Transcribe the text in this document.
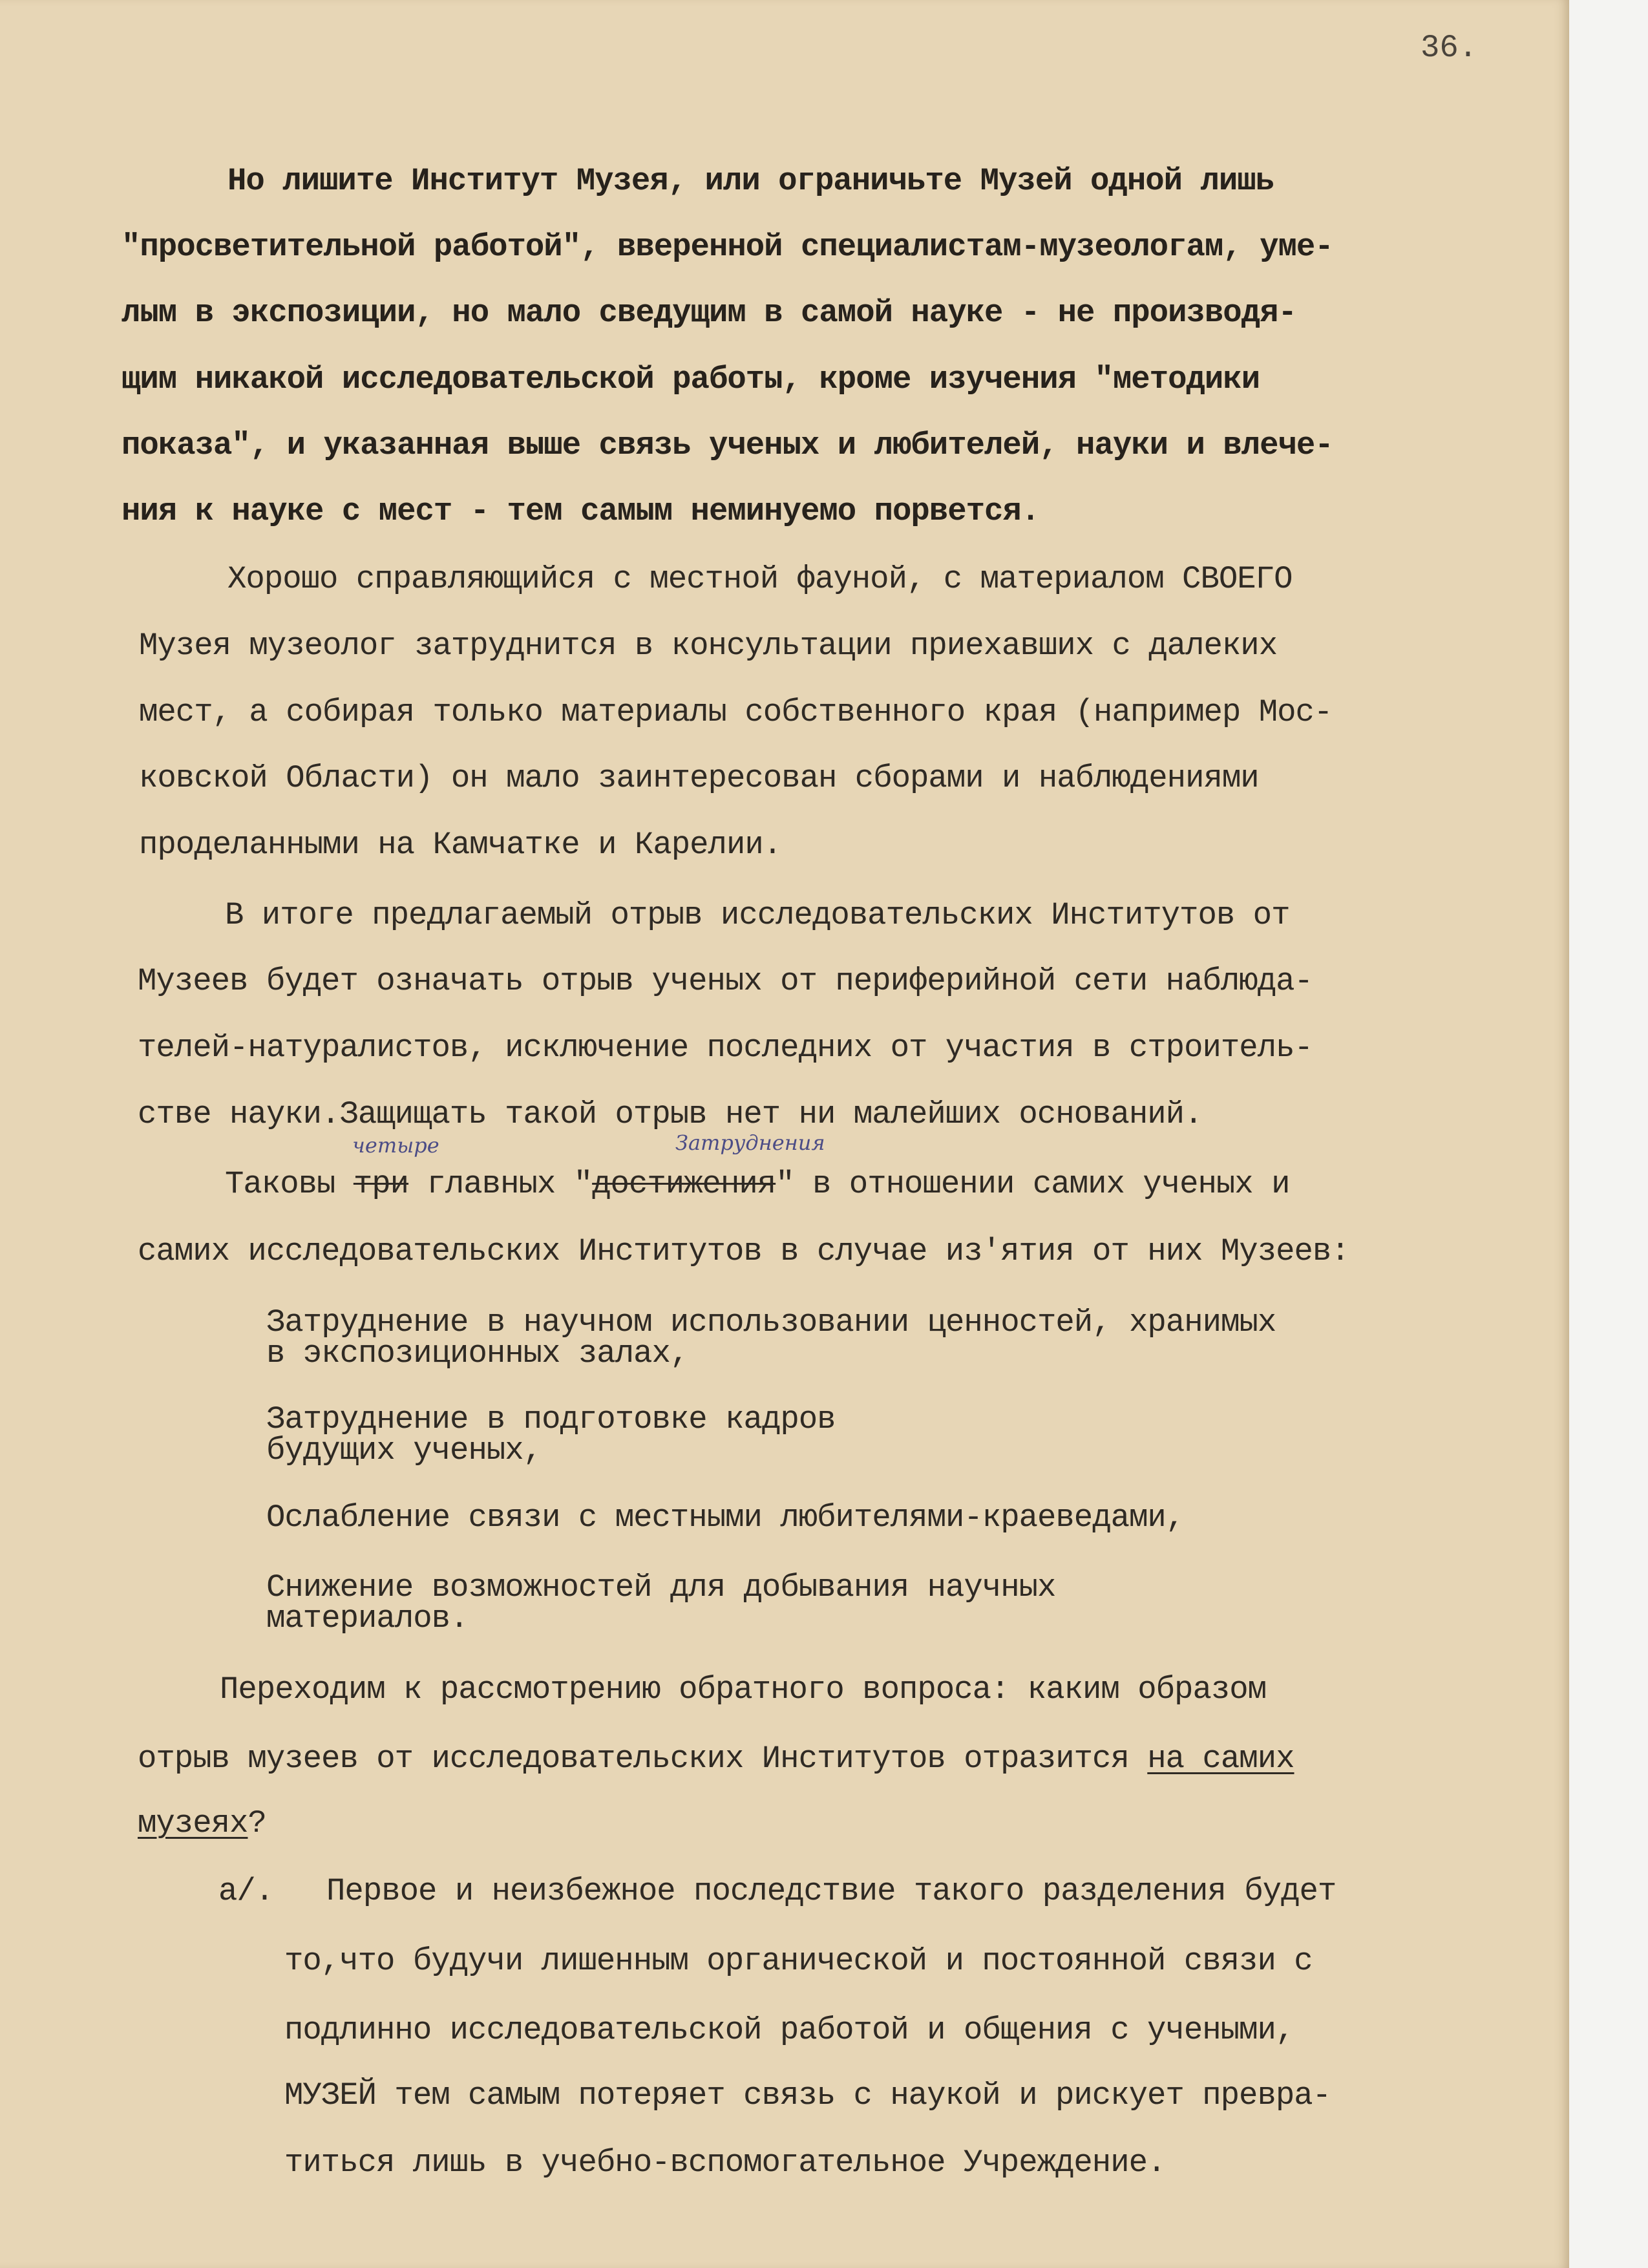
36.

Но лишите Институт Музея, или ограничьте Музей одной лишь

"просветительной работой", вверенной специалистам-музеологам, уме-

лым в экспозиции, но мало сведущим в самой науке - не производя-

щим никакой исследовательской работы, кроме изучения "методики

показа", и указанная выше связь ученых и любителей, науки и влече-

ния к науке с мест - тем самым неминуемо порвется.

Хорошо справляющийся с местной фауной, с материалом СВОЕГО

Музея музеолог затруднится в консультации приехавших с далеких

мест, а собирая только материалы собственного края (например Мос-

ковской Области) он мало заинтересован сборами и наблюдениями

проделанными на Камчатке и Карелии.

В итоге предлагаемый отрыв исследовательских Институтов от

Музеев будет означать отрыв ученых от периферийной сети наблюда-

телей-натуралистов, исключение последних от участия в строитель-

стве науки.Защищать такой отрыв нет ни малейших оснований.

четыре	Затруднения

Таковы три главных "достижения" в отношении самих ученых и

самих исследовательских Институтов в случае из'ятия от них Музеев:

Затруднение в научном использовании ценностей, хранимых

в экспозиционных залах,

Затруднение в подготовке кадров

будущих ученых,

Ослабление связи с местными любителями-краеведами,

Снижение возможностей для добывания научных

материалов.

Переходим к рассмотрению обратного вопроса: каким образом

отрыв музеев от исследовательских Институтов отразится на самих

музеях?

а/. Первое и неизбежное последствие такого разделения будет

то,что будучи лишенным органической и постоянной связи с

подлинно исследовательской работой и общения с учеными,

МУЗЕЙ тем самым потеряет связь с наукой и рискует превра-

титься лишь в учебно-вспомогательное Учреждение.
